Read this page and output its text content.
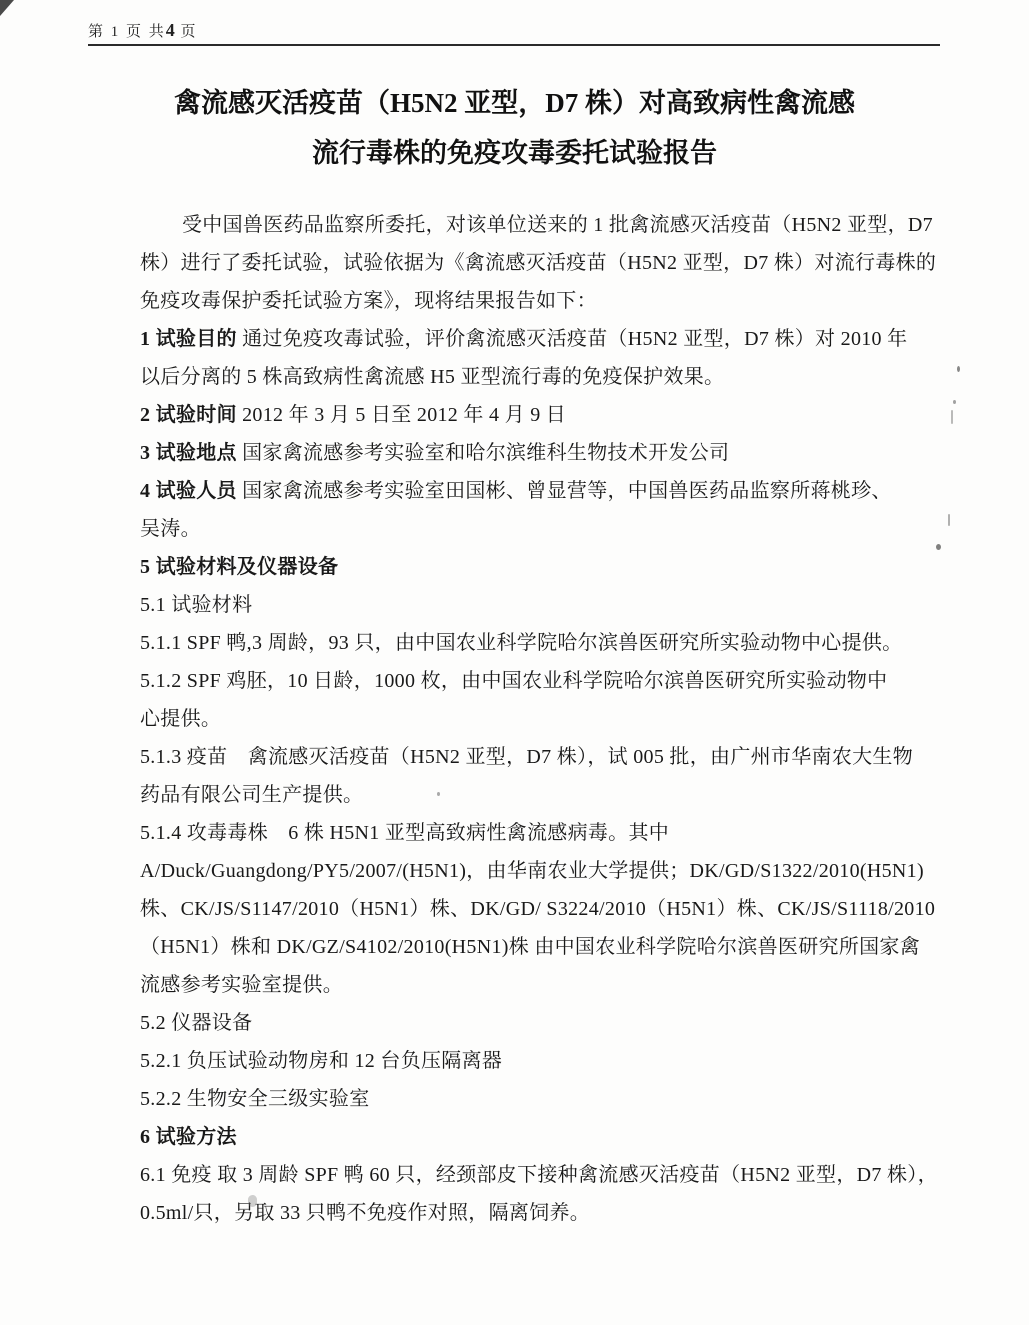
第 1 页 共4 页
禽流感灭活疫苗（H5N2 亚型，D7 株）对高致病性禽流感
流行毒株的免疫攻毒委托试验报告
受中国兽医药品监察所委托，对该单位送来的 1 批禽流感灭活疫苗（H5N2 亚型，D7
株）进行了委托试验，试验依据为《禽流感灭活疫苗（H5N2 亚型，D7 株）对流行毒株的
免疫攻毒保护委托试验方案》，现将结果报告如下：
1 试验目的 通过免疫攻毒试验，评价禽流感灭活疫苗（H5N2 亚型，D7 株）对 2010 年
以后分离的 5 株高致病性禽流感 H5 亚型流行毒的免疫保护效果。
2 试验时间 2012 年 3 月 5 日至 2012 年 4 月 9 日
3 试验地点 国家禽流感参考实验室和哈尔滨维科生物技术开发公司
4 试验人员 国家禽流感参考实验室田国彬、曾显营等，中国兽医药品监察所蒋桃珍、
吴涛。
5 试验材料及仪器设备
5.1 试验材料
5.1.1 SPF 鸭,3 周龄，93 只，由中国农业科学院哈尔滨兽医研究所实验动物中心提供。
5.1.2 SPF 鸡胚，10 日龄，1000 枚，由中国农业科学院哈尔滨兽医研究所实验动物中
心提供。
5.1.3 疫苗　禽流感灭活疫苗（H5N2 亚型，D7 株），试 005 批，由广州市华南农大生物
药品有限公司生产提供。
5.1.4 攻毒毒株　6 株 H5N1 亚型高致病性禽流感病毒。其中
A/Duck/Guangdong/PY5/2007/(H5N1)，由华南农业大学提供；DK/GD/S1322/2010(H5N1)
株、CK/JS/S1147/2010（H5N1）株、DK/GD/ S3224/2010（H5N1）株、CK/JS/S1118/2010
（H5N1）株和 DK/GZ/S4102/2010(H5N1)株 由中国农业科学院哈尔滨兽医研究所国家禽
流感参考实验室提供。
5.2 仪器设备
5.2.1 负压试验动物房和 12 台负压隔离器
5.2.2 生物安全三级实验室
6 试验方法
6.1 免疫 取 3 周龄 SPF 鸭 60 只，经颈部皮下接种禽流感灭活疫苗（H5N2 亚型，D7 株），
0.5ml/只，另取 33 只鸭不免疫作对照，隔离饲养。
